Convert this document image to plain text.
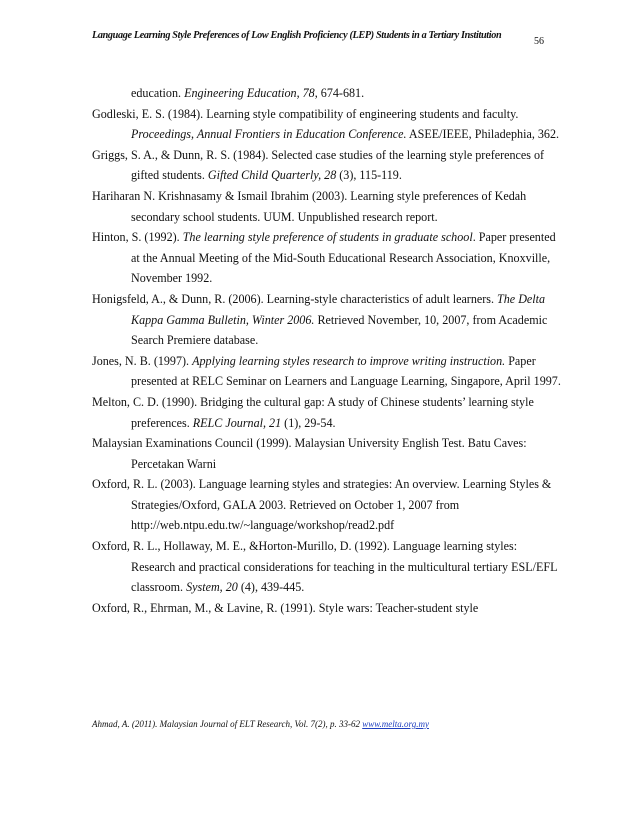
Language Learning Style Preferences of Low English Proficiency (LEP) Students in a Tertiary Institution
56

education. Engineering Education, 78, 674-681.

Godleski, E. S. (1984). Learning style compatibility of engineering students and faculty. Proceedings, Annual Frontiers in Education Conference. ASEE/IEEE, Philadephia, 362.

Griggs, S. A., & Dunn, R. S. (1984). Selected case studies of the learning style preferences of gifted students. Gifted Child Quarterly, 28 (3), 115-119.

Hariharan N. Krishnasamy & Ismail Ibrahim (2003). Learning style preferences of Kedah secondary school students. UUM. Unpublished research report.

Hinton, S. (1992). The learning style preference of students in graduate school. Paper presented at the Annual Meeting of the Mid-South Educational Research Association, Knoxville, November 1992.

Honigsfeld, A., & Dunn, R. (2006). Learning-style characteristics of adult learners. The Delta Kappa Gamma Bulletin, Winter 2006. Retrieved November, 10, 2007, from Academic Search Premiere database.

Jones, N. B. (1997). Applying learning styles research to improve writing instruction. Paper presented at RELC Seminar on Learners and Language Learning, Singapore, April 1997.

Melton, C. D. (1990). Bridging the cultural gap: A study of Chinese students’ learning style preferences. RELC Journal, 21 (1), 29-54.

Malaysian Examinations Council (1999). Malaysian University English Test. Batu Caves: Percetakan Warni

Oxford, R. L. (2003). Language learning styles and strategies: An overview. Learning Styles & Strategies/Oxford, GALA 2003. Retrieved on October 1, 2007 from http://web.ntpu.edu.tw/~language/workshop/read2.pdf

Oxford, R. L., Hollaway, M. E., &Horton-Murillo, D. (1992). Language learning styles: Research and practical considerations for teaching in the multicultural tertiary ESL/EFL classroom. System, 20 (4), 439-445.

Oxford, R., Ehrman, M., & Lavine, R. (1991). Style wars: Teacher-student style

Ahmad, A. (2011). Malaysian Journal of ELT Research, Vol. 7(2), p. 33-62 www.melta.org.my
